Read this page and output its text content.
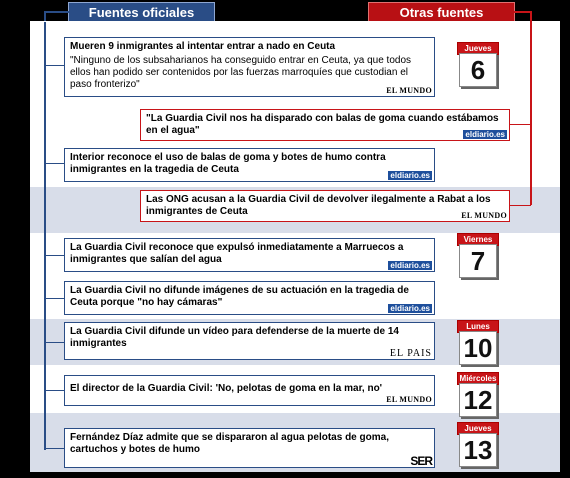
Fuentes oficiales	Otras fuentes
Mueren 9 inmigrantes al intentar entrar a nado en Ceuta
"Ninguno de los subsaharianos ha conseguido entrar en Ceuta, ya que todos ellos han podido ser contenidos por las fuerzas marroquíes que custodian el paso fronterizo"
EL MUNDO
"La Guardia Civil nos ha disparado con balas de goma cuando estábamos en el agua"	eldiario.es
Interior reconoce el uso de balas de goma y botes de humo contra inmigrantes en la tragedia de Ceuta
eldiario.es
Las ONG acusan a la Guardia Civil de devolver ilegalmente a Rabat a los inmigrantes de Ceuta	EL MUNDO
La Guardia Civil reconoce que expulsó inmediatamente a Marruecos a inmigrantes que salían del agua
eldiario.es
La Guardia Civil no difunde imágenes de su actuación en la tragedia de Ceuta porque "no hay cámaras"
eldiario.es
La Guardia Civil difunde un vídeo para defenderse de la muerte de 14 inmigrantes
EL PAIS
El director de la Guardia Civil: 'No, pelotas de goma en la mar, no'
EL MUNDO
Fernández Díaz admite que se dispararon al agua pelotas de goma, cartuchos y botes de humo
SER
Jueves
6
Viernes
7
Lunes
10
Miércoles
12
Jueves
13
